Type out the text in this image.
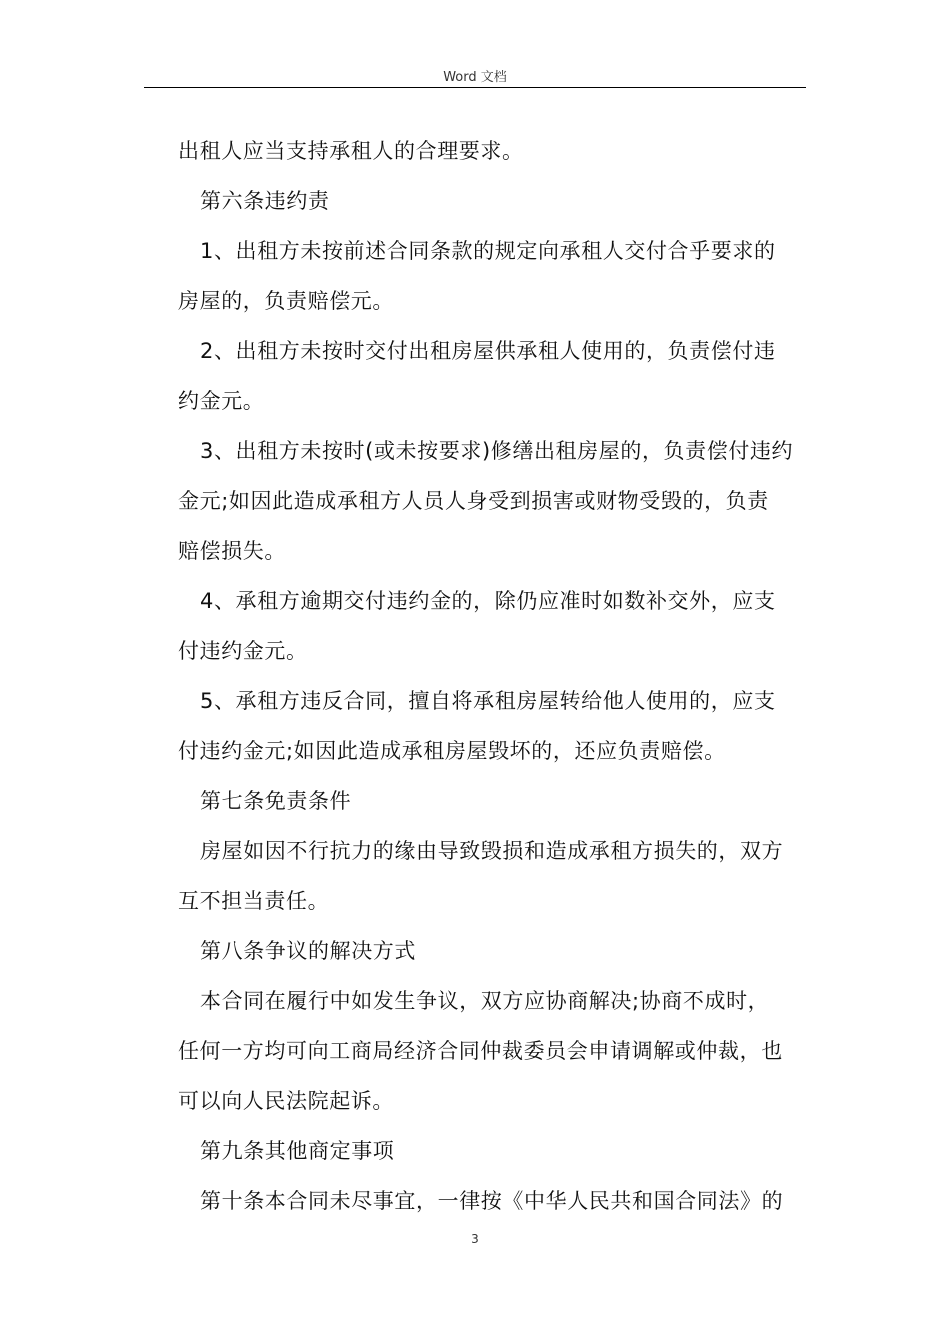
Word 文档

出租人应当支持承租人的合理要求。

第六条违约责

1、出租方未按前述合同条款的规定向承租人交付合乎要求的

房屋的，负责赔偿元。

2、出租方未按时交付出租房屋供承租人使用的，负责偿付违

约金元。

3、出租方未按时(或未按要求)修缮出租房屋的，负责偿付违约

金元;如因此造成承租方人员人身受到损害或财物受毁的，负责

赔偿损失。

4、承租方逾期交付违约金的，除仍应准时如数补交外，应支

付违约金元。

5、承租方违反合同，擅自将承租房屋转给他人使用的，应支

付违约金元;如因此造成承租房屋毁坏的，还应负责赔偿。

第七条免责条件

房屋如因不行抗力的缘由导致毁损和造成承租方损失的，双方

互不担当责任。

第八条争议的解决方式

本合同在履行中如发生争议，双方应协商解决;协商不成时，

任何一方均可向工商局经济合同仲裁委员会申请调解或仲裁，也

可以向人民法院起诉。

第九条其他商定事项

第十条本合同未尽事宜，一律按《中华人民共和国合同法》的

3
